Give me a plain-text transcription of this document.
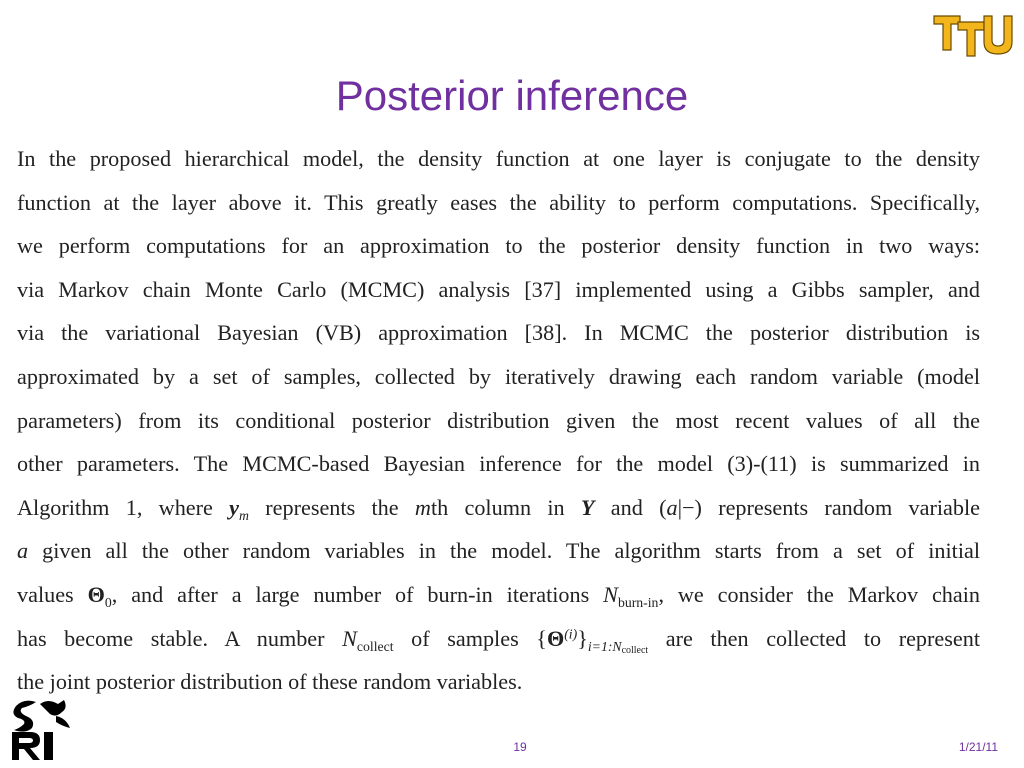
Posterior inference
In the proposed hierarchical model, the density function at one layer is conjugate to the density
function at the layer above it. This greatly eases the ability to perform computations. Specifically,
we perform computations for an approximation to the posterior density function in two ways:
via Markov chain Monte Carlo (MCMC) analysis [37] implemented using a Gibbs sampler, and
via the variational Bayesian (VB) approximation [38]. In MCMC the posterior distribution is
approximated by a set of samples, collected by iteratively drawing each random variable (model
parameters) from its conditional posterior distribution given the most recent values of all the
other parameters. The MCMC-based Bayesian inference for the model (3)-(11) is summarized in
Algorithm 1, where $y_m$ represents the mth column in Y and (a|−) represents random variable
a given all the other random variables in the model. The algorithm starts from a set of initial
values $\Theta_0$, and after a large number of burn-in iterations $N_{burn-in}$, we consider the Markov chain
has become stable. A number $N_{collect}$ of samples $\{\Theta^{(i)}\}_{i=1:Ncollect}$ are then collected to represent
the joint posterior distribution of these random variables.
19	1/21/11
